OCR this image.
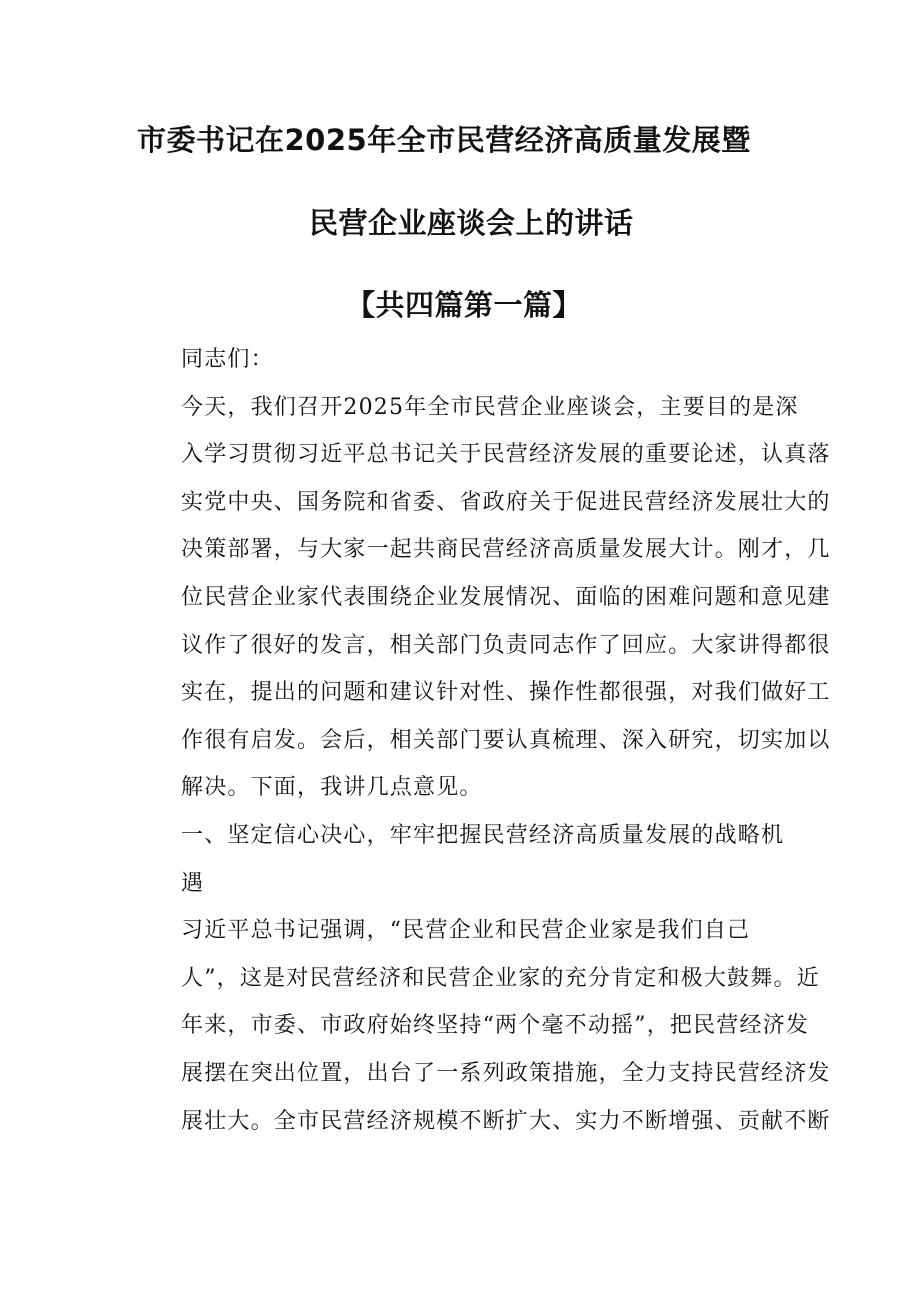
市委书记在2025年全市民营经济高质量发展暨
民营企业座谈会上的讲话
【共四篇第一篇】
同志们：
今天，我们召开2025年全市民营企业座谈会，主要目的是深
入学习贯彻习近平总书记关于民营经济发展的重要论述，认真落
实党中央、国务院和省委、省政府关于促进民营经济发展壮大的
决策部署，与大家一起共商民营经济高质量发展大计。刚才，几
位民营企业家代表围绕企业发展情况、面临的困难问题和意见建
议作了很好的发言，相关部门负责同志作了回应。大家讲得都很
实在，提出的问题和建议针对性、操作性都很强，对我们做好工
作很有启发。会后，相关部门要认真梳理、深入研究，切实加以
解决。下面，我讲几点意见。
一、坚定信心决心，牢牢把握民营经济高质量发展的战略机
遇
习近平总书记强调，“民营企业和民营企业家是我们自己
人”，这是对民营经济和民营企业家的充分肯定和极大鼓舞。近
年来，市委、市政府始终坚持“两个毫不动摇”，把民营经济发
展摆在突出位置，出台了一系列政策措施，全力支持民营经济发
展壮大。全市民营经济规模不断扩大、实力不断增强、贡献不断
